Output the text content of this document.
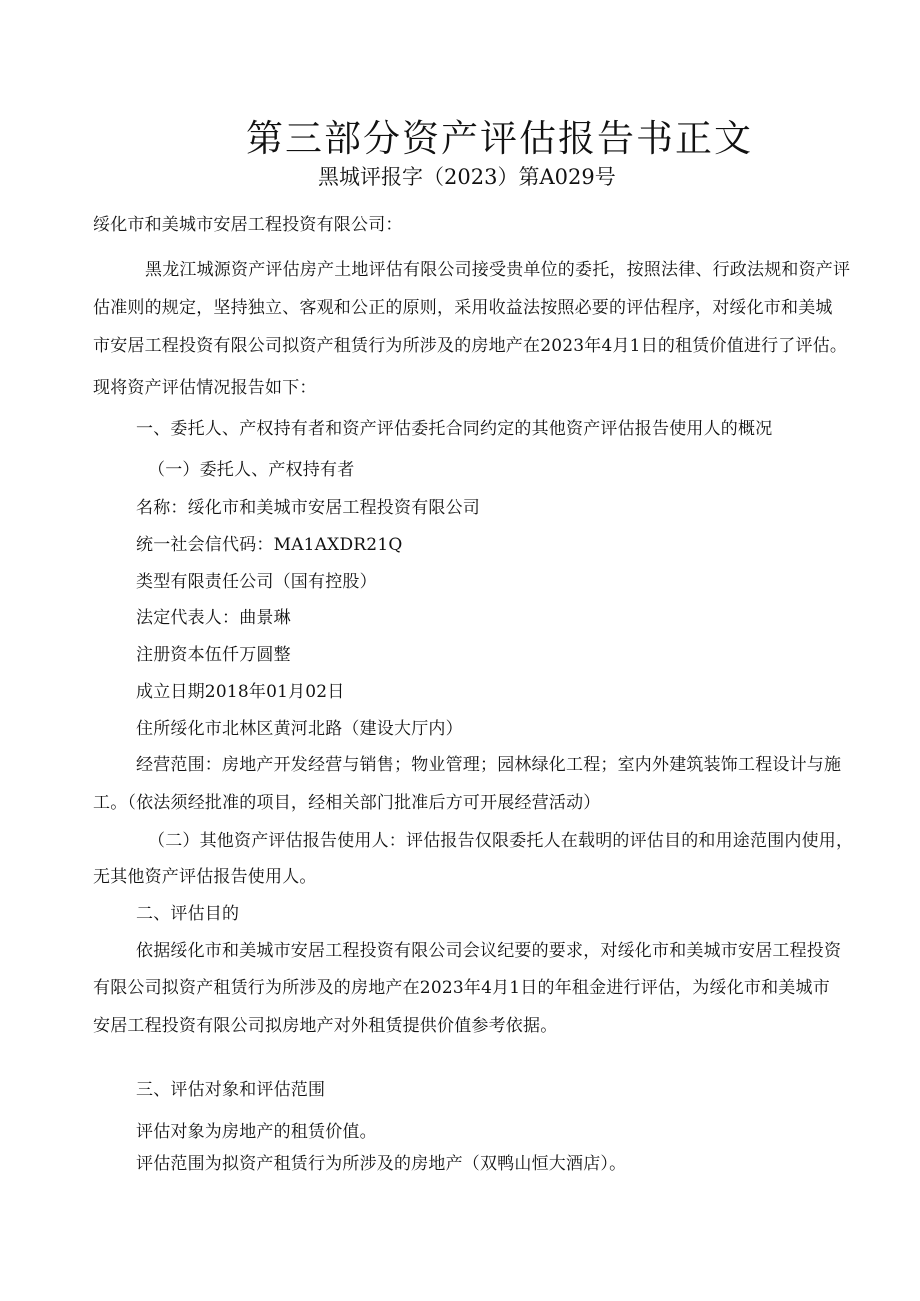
第三部分资产评估报告书正文

黑城评报字（2023）第A029号

绥化市和美城市安居工程投资有限公司：

黑龙江城源资产评估房产土地评估有限公司接受贵单位的委托，按照法律、行政法规和资产评

估准则的规定，坚持独立、客观和公正的原则，采用收益法按照必要的评估程序，对绥化市和美城

市安居工程投资有限公司拟资产租赁行为所涉及的房地产在2023年4月1日的租赁价值进行了评估。

现将资产评估情况报告如下：

一、委托人、产权持有者和资产评估委托合同约定的其他资产评估报告使用人的概况

（一）委托人、产权持有者

名称：绥化市和美城市安居工程投资有限公司

统一社会信代码：MA1AXDR21Q

类型有限责任公司（国有控股）

法定代表人：曲景琳

注册资本伍仟万圆整

成立日期2018年01月02日

住所绥化市北林区黄河北路（建设大厅内）

经营范围：房地产开发经营与销售；物业管理；园林绿化工程；室内外建筑装饰工程设计与施

工。（依法须经批准的项目，经相关部门批准后方可开展经营活动）

（二）其他资产评估报告使用人：评估报告仅限委托人在载明的评估目的和用途范围内使用，

无其他资产评估报告使用人。

二、评估目的

依据绥化市和美城市安居工程投资有限公司会议纪要的要求，对绥化市和美城市安居工程投资

有限公司拟资产租赁行为所涉及的房地产在2023年4月1日的年租金进行评估，为绥化市和美城市

安居工程投资有限公司拟房地产对外租赁提供价值参考依据。

三、评估对象和评估范围

评估对象为房地产的租赁价值。

评估范围为拟资产租赁行为所涉及的房地产（双鸭山恒大酒店）。
